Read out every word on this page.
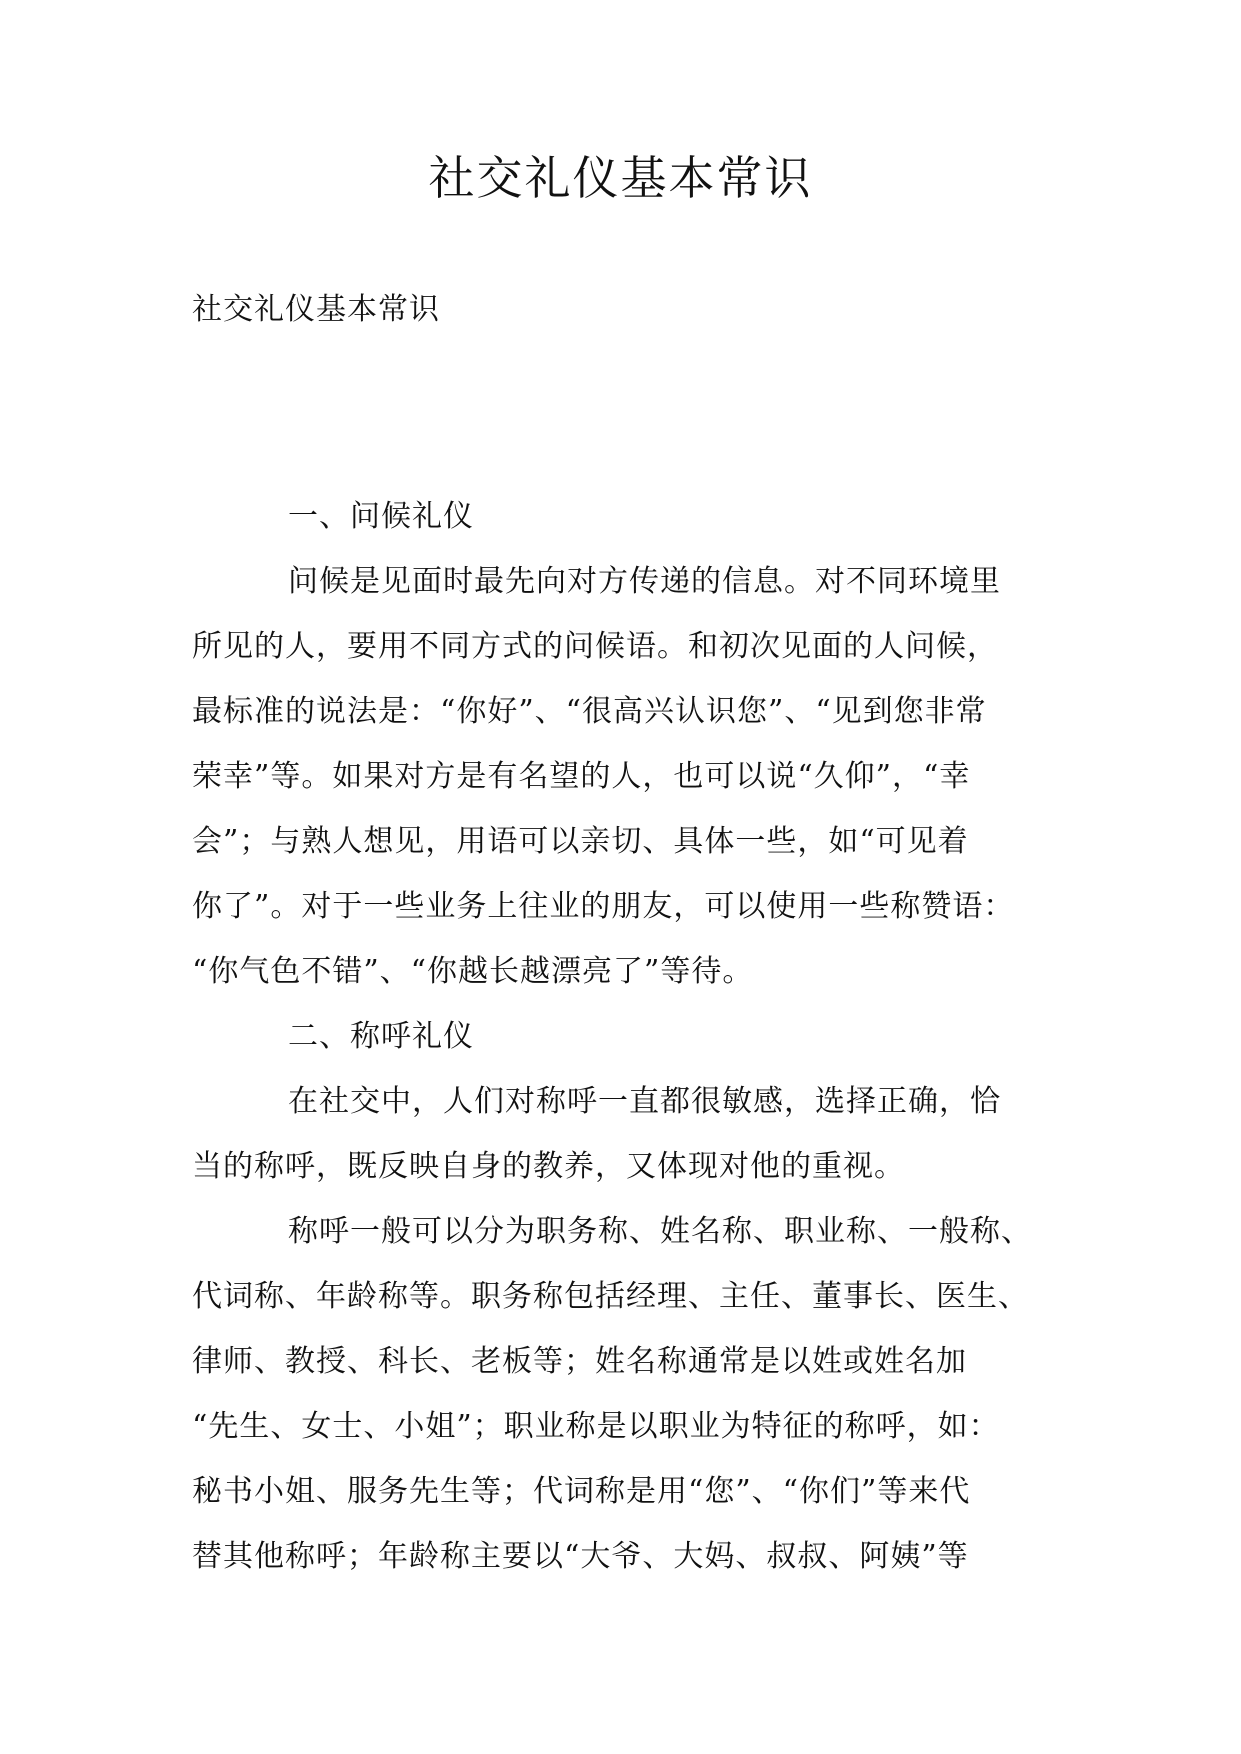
社交礼仪基本常识
社交礼仪基本常识
一、问候礼仪
问候是见面时最先向对方传递的信息。对不同环境里
所见的人，要用不同方式的问候语。和初次见面的人问候，
最标准的说法是：“你好”、“很高兴认识您”、“见到您非常
荣幸”等。如果对方是有名望的人，也可以说“久仰”，“幸
会”；与熟人想见，用语可以亲切、具体一些，如“可见着
你了”。对于一些业务上往业的朋友，可以使用一些称赞语：
“你气色不错”、“你越长越漂亮了”等待。
二、称呼礼仪
在社交中，人们对称呼一直都很敏感，选择正确，恰
当的称呼，既反映自身的教养，又体现对他的重视。
称呼一般可以分为职务称、姓名称、职业称、一般称、
代词称、年龄称等。职务称包括经理、主任、董事长、医生、
律师、教授、科长、老板等；姓名称通常是以姓或姓名加
“先生、女士、小姐”；职业称是以职业为特征的称呼，如：
秘书小姐、服务先生等；代词称是用“您”、“你们”等来代
替其他称呼；年龄称主要以“大爷、大妈、叔叔、阿姨”等
